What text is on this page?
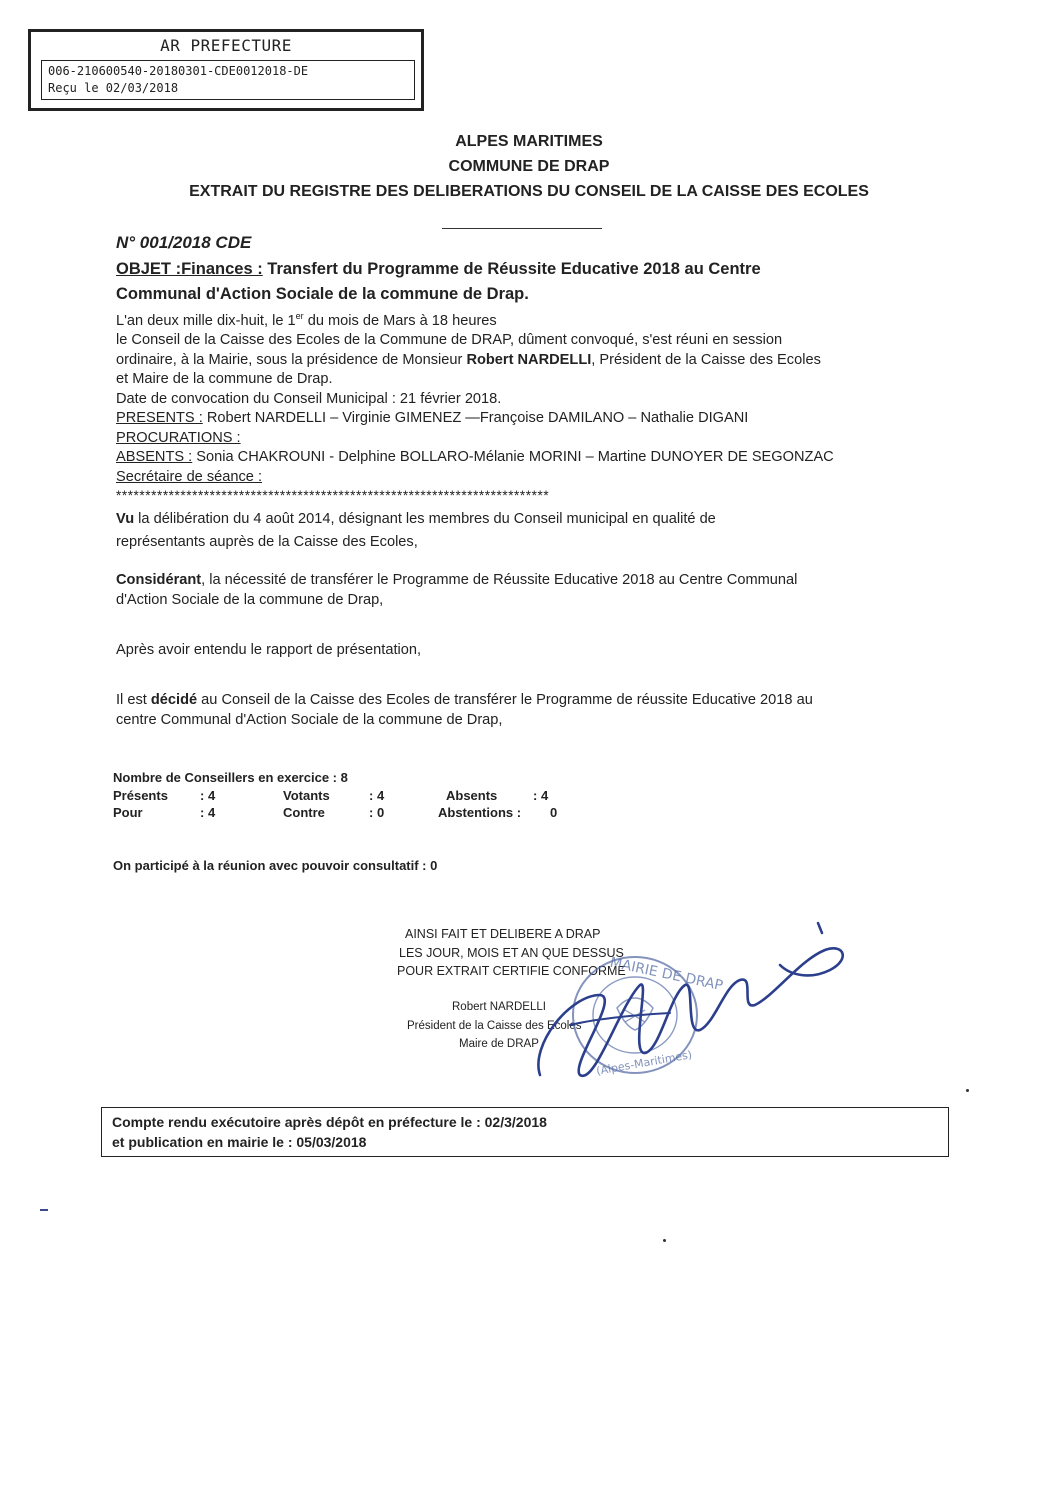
AR PREFECTURE
006-210600540-20180301-CDE0012018-DE
Reçu le 02/03/2018
ALPES MARITIMES
COMMUNE DE DRAP
EXTRAIT DU REGISTRE DES DELIBERATIONS DU CONSEIL DE LA CAISSE DES ECOLES
N° 001/2018 CDE
OBJET :Finances : Transfert du Programme de Réussite Educative 2018 au Centre
Communal d'Action Sociale de la commune de Drap.
L'an deux mille dix-huit, le 1er du mois de Mars à 18 heures
le Conseil de la Caisse des Ecoles de la Commune de DRAP, dûment convoqué, s'est réuni en session
ordinaire, à la Mairie, sous la présidence de Monsieur Robert NARDELLI, Président de la Caisse des Ecoles
et Maire de la commune de Drap.
Date de convocation du Conseil Municipal : 21 février 2018.
PRESENTS : Robert NARDELLI – Virginie GIMENEZ —Françoise DAMILANO – Nathalie DIGANI
PROCURATIONS :
ABSENTS : Sonia CHAKROUNI - Delphine BOLLARO-Mélanie MORINI – Martine DUNOYER DE SEGONZAC
Secrétaire de séance :
**************************************************************************
Vu la délibération du 4 août 2014, désignant les membres du Conseil municipal en qualité de
représentants auprès de la Caisse des Ecoles,
Considérant, la nécessité de transférer le Programme de Réussite Educative 2018 au Centre Communal
d'Action Sociale de la commune de Drap,
Après avoir entendu le rapport de présentation,
Il est décidé au Conseil de la Caisse des Ecoles de transférer le Programme de réussite Educative 2018 au
centre Communal d'Action Sociale de la commune de Drap,
Nombre de Conseillers en exercice : 8
Présents : 4	Votants	: 4	Absents	: 4
Pour	: 4	Contre	: 0	Abstentions : 0
On participé à la réunion avec pouvoir consultatif : 0
AINSI FAIT ET DELIBERE A DRAP
LES JOUR, MOIS ET AN QUE DESSUS
POUR EXTRAIT CERTIFIE CONFORME
Robert NARDELLI
Président de la Caisse des Ecoles
Maire de DRAP
MAIRIE DE DRAP
(Alpes-Maritimes)
Compte rendu exécutoire après dépôt en préfecture le : 02/3/2018
et publication en mairie le : 05/03/2018
